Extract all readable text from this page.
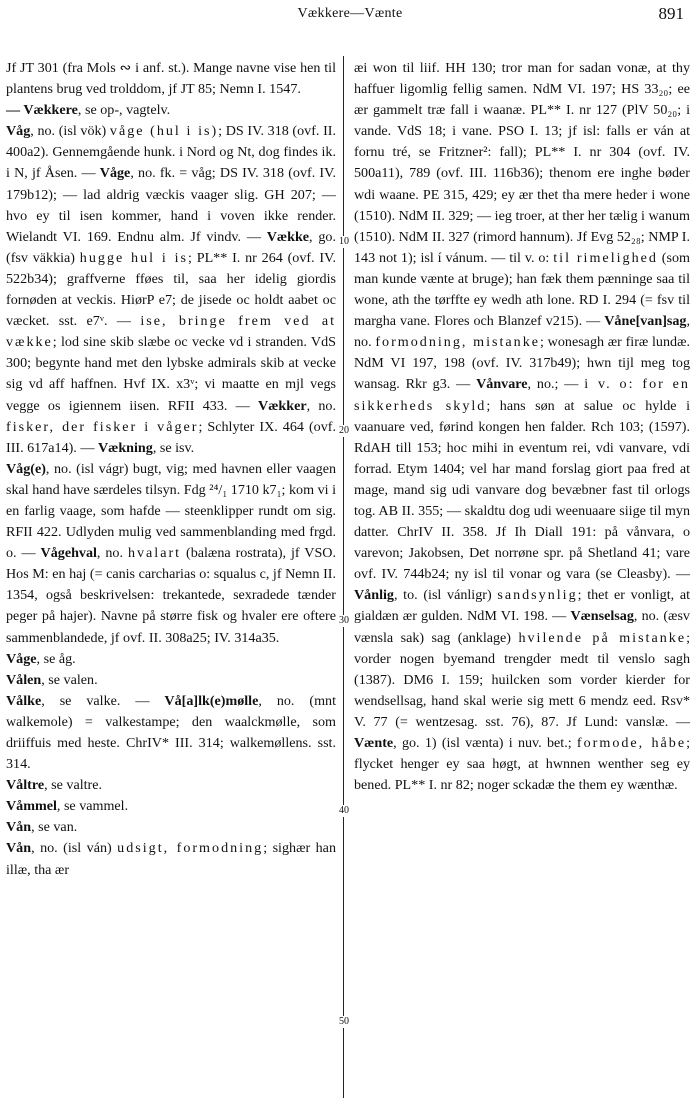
Vækkere—Vænte	891
10
20
30
40
50

Jf JT 301 (fra Mols ∾ i anf. st.). Mange navne vise hen til plantens brug ved trolddom, jf JT 85; Nemn I. 1547.

— Vækkere, se op-, vagtelv.

Våg, no. (isl vök) våge (hul i is); DS IV. 318 (ovf. II. 400a2). Gennemgående hunk. i Nord og Nt, dog findes ik. i N, jf Åsen. — Våge, no. fk. = våg; DS IV. 318 (ovf. IV. 179b12); — lad aldrig væckis vaager slig. GH 207; — hvo ey til isen kommer, hand i voven ikke render. Wielandt VI. 169. Endnu alm. Jf vindv. — Vække, go. (fsv väkkia) hugge hul i is; PL** I. nr 264 (ovf. IV. 522b34); graffverne fføes til, saa her idelig giordis fornøden at veckis. HiørP e7; de jisede oc holdt aabet oc væcket. sst. e7ᵛ. — ise, bringe frem ved at vække; lod sine skib slæbe oc vecke vd i stranden. VdS 300; begynte hand met den lybske admirals skib at vecke sig vd aff haffnen. Hvf IX. x3ᵛ; vi maatte en mjl vegs vegge os igiennem iisen. RFII 433. — Vækker, no. fisker, der fisker i våger; Schlyter IX. 464 (ovf. III. 617a14). — Vækning, se isv.

Våg(e), no. (isl vágr) bugt, vig; med havnen eller vaagen skal hand have særdeles tilsyn. Fdg ²⁴/₁ 1710 k7₁; kom vi i en farlig vaage, som hafde — steenklipper rundt om sig. RFII 422. Udlyden mulig ved sammenblanding med frgd. o. — Vågehval, no. hvalart (balæna rostrata), jf VSO. Hos M: en haj (= canis carcharias o: squalus c, jf Nemn II. 1354, også beskrivelsen: trekantede, sexradede tænder peger på hajer). Navne på større fisk og hvaler ere oftere sammenblandede, jf ovf. II. 308a25; IV. 314a35.

Våge, se åg.

Vålen, se valen.

Vålke, se valke. — Vå[a]lk(e)mølle, no. (mnt walkemole) = valkestampe; den waalckmølle, som driiffuis med heste. ChrIV* III. 314; walkemøllens. sst. 314.

Våltre, se valtre.

Våmmel, se vammel.

Vån, se van.

Vån, no. (isl ván) udsigt, formodning; sighær han illæ, tha ær

æi won til liif. HH 130; tror man for sadan vonæ, at thy haffuer ligomlig fellig samen. NdM VI. 197; HS 33₂₀; ee ær gammelt træ fall i waanæ. PL** I. nr 127 (PlV 50₂₀; i vande. VdS 18; i vane. PSO I. 13; jf isl: falls er ván at fornu tré, se Fritzner²: fall); PL** I. nr 304 (ovf. IV. 500a11), 789 (ovf. III. 116b36); thenom ere inghe bøder wdi waane. PE 315, 429; ey ær thet tha mere heder i wone (1510). NdM II. 329; — ieg troer, at ther her tælig i wanum (1510). NdM II. 327 (rimord hannum). Jf Evg 52₂₈; NMP I. 143 not 1); isl í vánum. — til v. o: til rimelighed (som man kunde vænte at bruge); han fæk them pænninge saa til wone, ath the tørffte ey wedh ath lone. RD I. 294 (= fsv til margha vane. Flores och Blanzef v215). — Våne[van]sag, no. formodning, mistanke; wonesagh ær firæ lundæ. NdM VI 197, 198 (ovf. IV. 317b49); hwn tijl meg tog wansag. Rkr g3. — Vånvare, no.; — i v. o: for en sikkerheds skyld; hans søn at salue oc hylde i vaanuare ved, førind kongen hen falder. Rch 103; (1597). RdAH till 153; hoc mihi in eventum rei, vdi vanvare, vdi forrad. Etym 1404; vel har mand forslag giort paa fred at mage, mand sig udi vanvare dog bevæbner fast til orlogs tog. AB II. 355; — skaldtu dog udi weenuaare siige til myn datter. ChrIV II. 358. Jf Ih Diall 191: på vånvara, o varevon; Jakobsen, Det norrøne spr. på Shetland 41; vare ovf. IV. 744b24; ny isl til vonar og vara (se Cleasby). — Vånlig, to. (isl vánligr) sandsynlig; thet er vonligt, at gialdæn ær gulden. NdM VI. 198. — Vænselsag, no. (æsv vænsla sak) sag (anklage) hvilende på mistanke; vorder nogen byemand trengder medt til venslo sagh (1387). DM6 I. 159; huilcken som vorder kierder for wendsellsag, hand skal werie sig mett 6 mendz eed. Rsv* V. 77 (= wentzesag. sst. 76), 87. Jf Lund: vanslæ. — Vænte, go. 1) (isl vænta) i nuv. bet.; formode, håbe; flycket henger ey saa høgt, at hwnnen wenther seg ey bened. PL** I. nr 82; noger sckadæ the them ey wænthæ.
